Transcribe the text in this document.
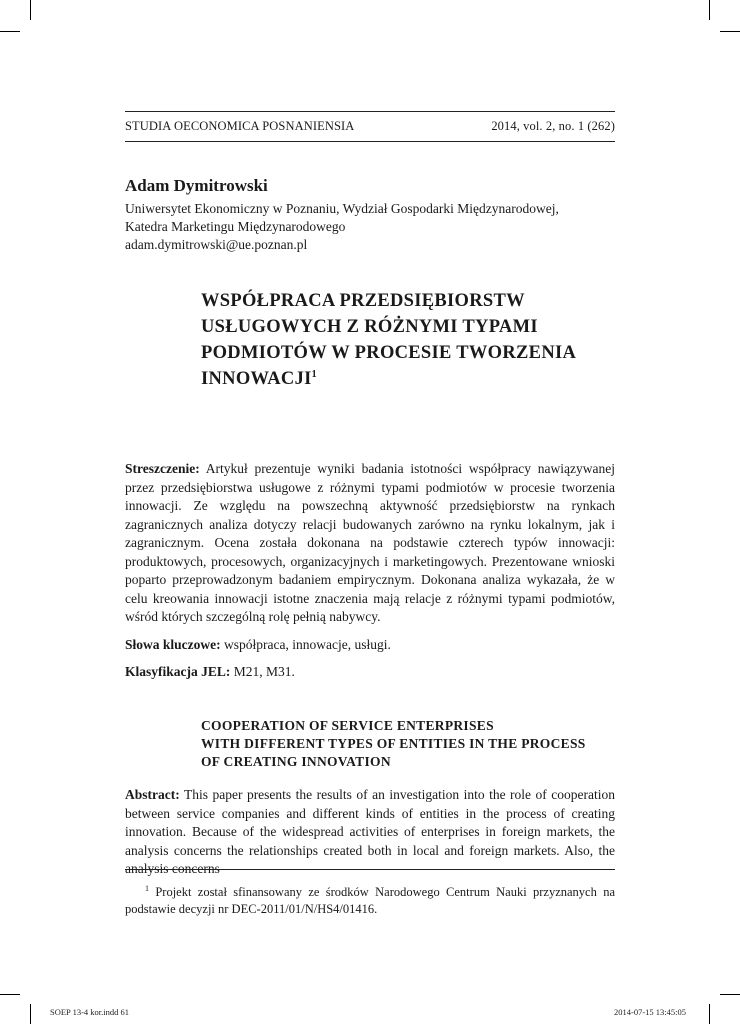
STUDIA OECONOMICA POSNANIENSIA	2014, vol. 2, no. 1 (262)
Adam Dymitrowski
Uniwersytet Ekonomiczny w Poznaniu, Wydział Gospodarki Międzynarodowej,
Katedra Marketingu Międzynarodowego
adam.dymitrowski@ue.poznan.pl
WSPÓŁPRACA PRZEDSIĘBIORSTW
USŁUGOWYCH Z RÓŻNYMI TYPAMI
PODMIOTÓW W PROCESIE TWORZENIA
INNOWACJI$^1$

Streszczenie: Artykuł prezentuje wyniki badania istotności współpracy nawiązywanej przez przedsiębiorstwa usługowe z różnymi typami podmiotów w procesie tworzenia innowacji. Ze względu na powszechną aktywność przedsiębiorstw na rynkach zagranicznych analiza dotyczy relacji budowanych zarówno na rynku lokalnym, jak i zagranicznym. Ocena została dokonana na podstawie czterech typów innowacji: produktowych, procesowych, organizacyjnych i marketingowych. Prezentowane wnioski poparto przeprowadzonym badaniem empirycznym. Dokonana analiza wykazała, że w celu kreowania innowacji istotne znaczenia mają relacje z różnymi typami podmiotów, wśród których szczególną rolę pełnią nabywcy.

Słowa kluczowe: współpraca, innowacje, usługi.

Klasyfikacja JEL: M21, M31.

COOPERATION OF SERVICE ENTERPRISES
WITH DIFFERENT TYPES OF ENTITIES IN THE PROCESS
OF CREATING INNOVATION

Abstract: This paper presents the results of an investigation into the role of cooperation between service companies and different kinds of entities in the process of creating innovation. Because of the widespread activities of enterprises in foreign markets, the analysis concerns the relationships created both in local and foreign markets. Also, the analysis concerns

$^1$ Projekt został sfinansowany ze środków Narodowego Centrum Nauki przyznanych na podstawie decyzji nr DEC-2011/01/N/HS4/01416.
SOEP 13-4 kor.indd 61	2014-07-15 13:45:05
